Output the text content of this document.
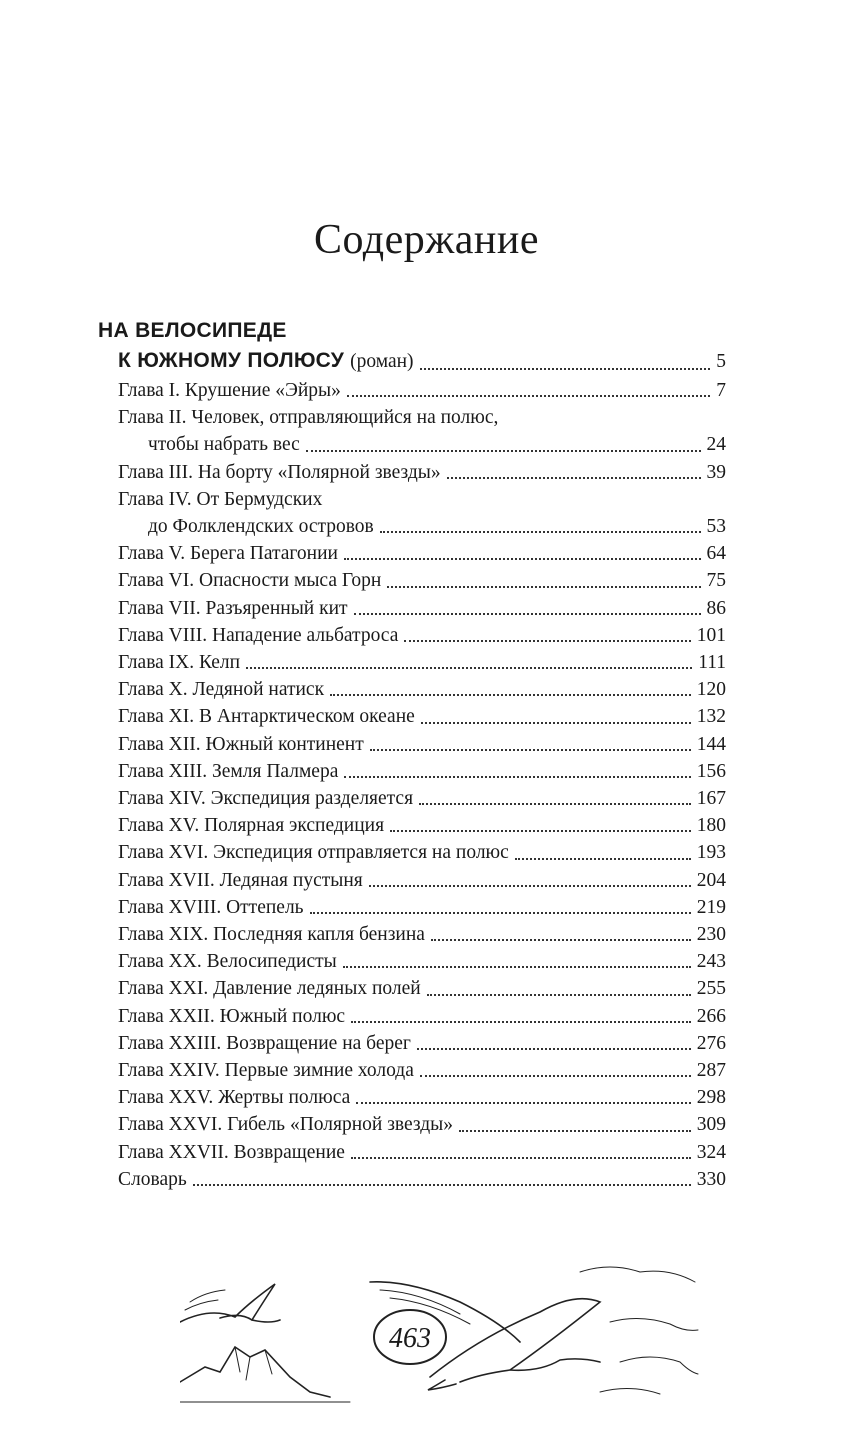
Содержание
НА ВЕЛОСИПЕДЕ
К ЮЖНОМУ ПОЛЮСУ (роман)	5
Глава I. Крушение «Эйры»	7
Глава II. Человек, отправляющийся на полюс,
чтобы набрать вес	24
Глава III. На борту «Полярной звезды»	39
Глава IV. От Бермудских
до Фолклендских островов	53
Глава V. Берега Патагонии	64
Глава VI. Опасности мыса Горн	75
Глава VII. Разъяренный кит	86
Глава VIII. Нападение альбатроса	101
Глава IX. Келп	111
Глава X. Ледяной натиск	120
Глава XI. В Антарктическом океане	132
Глава XII. Южный континент	144
Глава XIII. Земля Палмера	156
Глава XIV. Экспедиция разделяется	167
Глава XV. Полярная экспедиция	180
Глава XVI. Экспедиция отправляется на полюс	193
Глава XVII. Ледяная пустыня	204
Глава XVIII. Оттепель	219
Глава XIX. Последняя капля бензина	230
Глава XX. Велосипедисты	243
Глава XXI. Давление ледяных полей	255
Глава XXII. Южный полюс	266
Глава XXIII. Возвращение на берег	276
Глава XXIV. Первые зимние холода	287
Глава XXV. Жертвы полюса	298
Глава XXVI. Гибель «Полярной звезды»	309
Глава XXVII. Возвращение	324
Словарь	330
463
